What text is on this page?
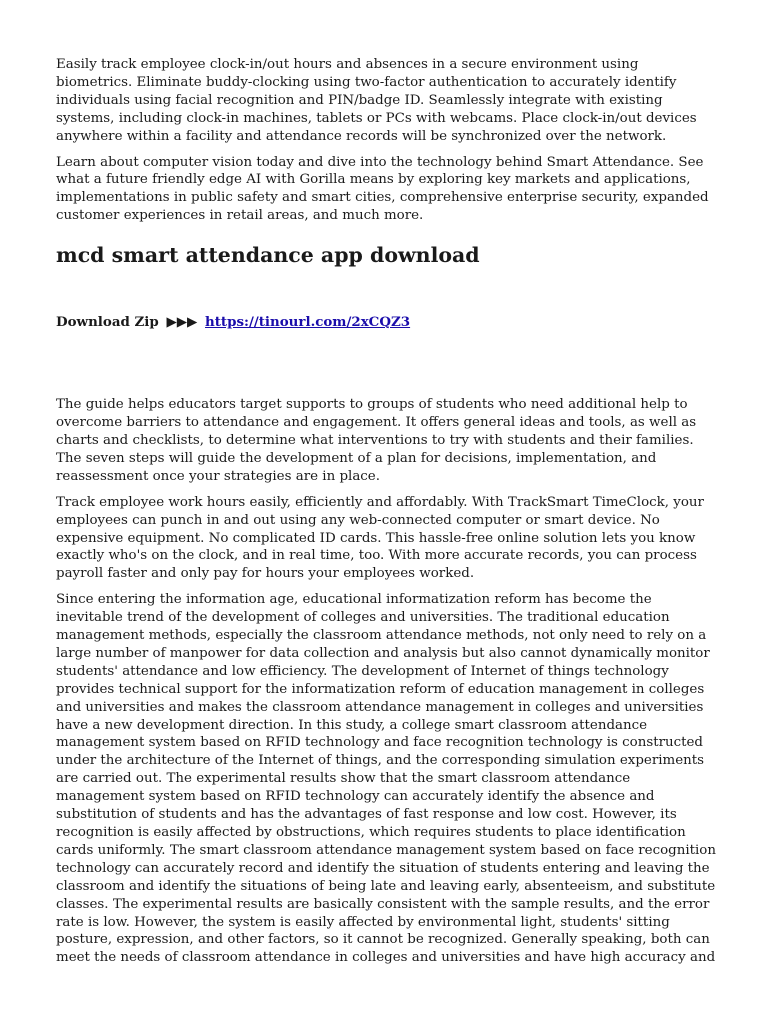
Easily track employee clock-in/out hours and absences in a secure environment using biometrics. Eliminate buddy-clocking using two-factor authentication to accurately identify individuals using facial recognition and PIN/badge ID. Seamlessly integrate with existing systems, including clock-in machines, tablets or PCs with webcams. Place clock-in/out devices anywhere within a facility and attendance records will be synchronized over the network.

Learn about computer vision today and dive into the technology behind Smart Attendance. See what a future friendly edge AI with Gorilla means by exploring key markets and applications, implementations in public safety and smart cities, comprehensive enterprise security, expanded customer experiences in retail areas, and much more.

mcd smart attendance app download
Download Zip ▶▶▶ https://tinourl.com/2xCQZ3

The guide helps educators target supports to groups of students who need additional help to overcome barriers to attendance and engagement. It offers general ideas and tools, as well as charts and checklists, to determine what interventions to try with students and their families. The seven steps will guide the development of a plan for decisions, implementation, and reassessment once your strategies are in place.

Track employee work hours easily, efficiently and affordably. With TrackSmart TimeClock, your employees can punch in and out using any web-connected computer or smart device. No expensive equipment. No complicated ID cards. This hassle-free online solution lets you know exactly who's on the clock, and in real time, too. With more accurate records, you can process payroll faster and only pay for hours your employees worked.

Since entering the information age, educational informatization reform has become the inevitable trend of the development of colleges and universities. The traditional education management methods, especially the classroom attendance methods, not only need to rely on a large number of manpower for data collection and analysis but also cannot dynamically monitor students' attendance and low efficiency. The development of Internet of things technology provides technical support for the informatization reform of education management in colleges and universities and makes the classroom attendance management in colleges and universities have a new development direction. In this study, a college smart classroom attendance management system based on RFID technology and face recognition technology is constructed under the architecture of the Internet of things, and the corresponding simulation experiments are carried out. The experimental results show that the smart classroom attendance management system based on RFID technology can accurately identify the absence and substitution of students and has the advantages of fast response and low cost. However, its recognition is easily affected by obstructions, which requires students to place identification cards uniformly. The smart classroom attendance management system based on face recognition technology can accurately record and identify the situation of students entering and leaving the classroom and identify the situations of being late and leaving early, absenteeism, and substitute classes. The experimental results are basically consistent with the sample results, and the error rate is low. However, the system is easily affected by environmental light, students' sitting posture, expression, and other factors, so it cannot be recognized. Generally speaking, both can meet the needs of classroom attendance in colleges and universities and have high accuracy and
